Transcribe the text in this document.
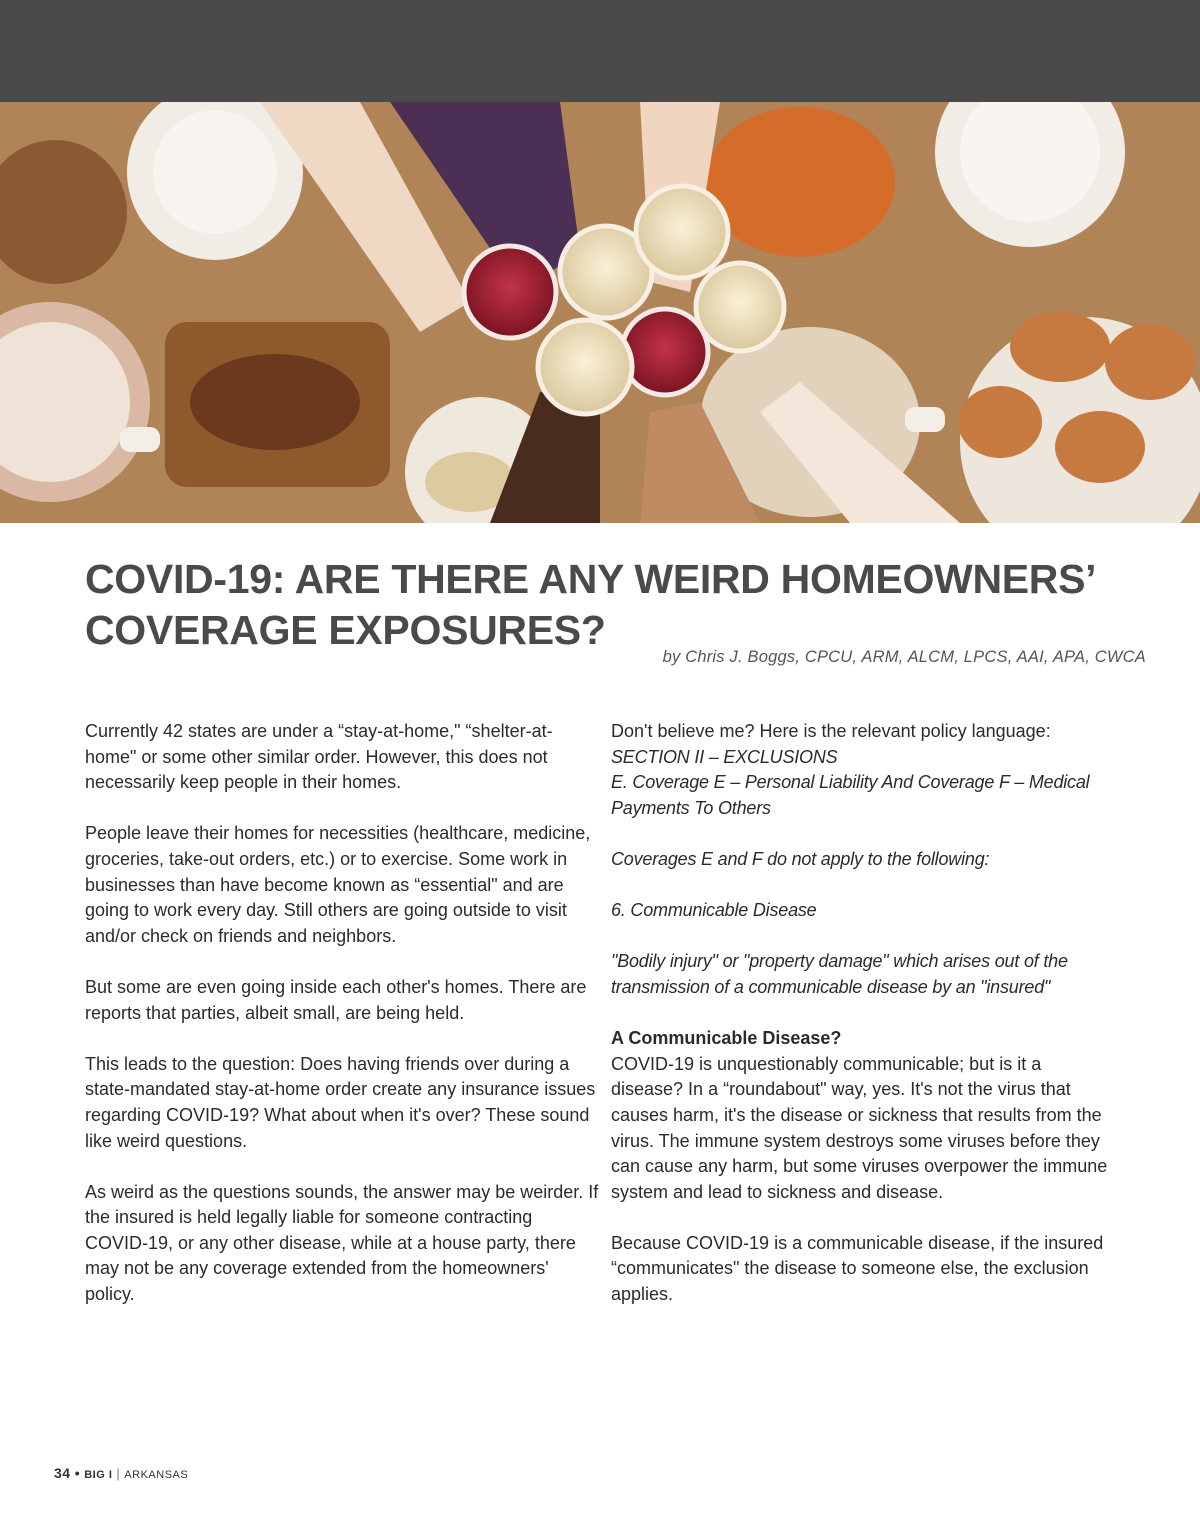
COVID-19: ARE THERE ANY WEIRD HOMEOWNERS’ COVERAGE EXPOSURES?

by Chris J. Boggs, CPCU, ARM, ALCM, LPCS, AAI, APA, CWCA

Currently 42 states are under a “stay-at-home," “shelter-at-home" or some other similar order. However, this does not necessarily keep people in their homes.

People leave their homes for necessities (healthcare, medicine, groceries, take-out orders, etc.) or to exercise. Some work in businesses than have become known as “essential" and are going to work every day. Still others are going outside to visit and/or check on friends and neighbors.

But some are even going inside each other's homes. There are reports that parties, albeit small, are being held.

This leads to the question: Does having friends over during a state-mandated stay-at-home order create any insurance issues regarding COVID-19? What about when it's over? These sound like weird questions.

As weird as the questions sounds, the answer may be weirder. If the insured is held legally liable for someone contracting COVID-19, or any other disease, while at a house party, there may not be any coverage extended from the homeowners' policy.

Don't believe me? Here is the relevant policy language:
SECTION II – EXCLUSIONS
E. Coverage E – Personal Liability And Coverage F – Medical Payments To Others

Coverages E and F do not apply to the following:

6. Communicable Disease

"Bodily injury" or "property damage" which arises out of the transmission of a communicable disease by an "insured"

A Communicable Disease?
COVID-19 is unquestionably communicable; but is it a disease? In a “roundabout" way, yes. It's not the virus that causes harm, it's the disease or sickness that results from the virus. The immune system destroys some viruses before they can cause any harm, but some viruses overpower the immune system and lead to sickness and disease.

Because COVID-19 is a communicable disease, if the insured “communicates" the disease to someone else, the exclusion applies.

34 • BIG I | ARKANSAS
